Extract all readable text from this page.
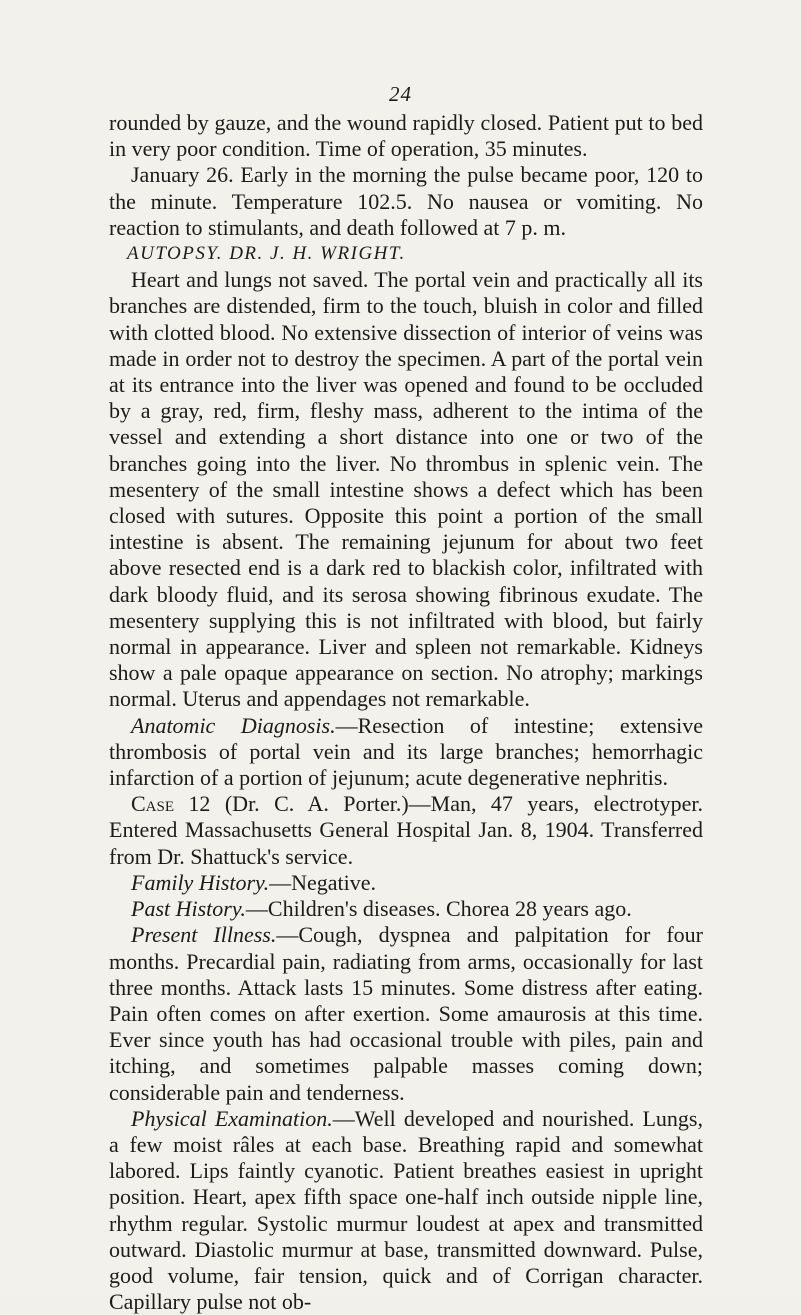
24

rounded by gauze, and the wound rapidly closed. Patient put to bed in very poor condition. Time of operation, 35 minutes.

January 26. Early in the morning the pulse became poor, 120 to the minute. Temperature 102.5. No nausea or vomiting. No reaction to stimulants, and death followed at 7 p. m.

AUTOPSY. DR. J. H. WRIGHT.

Heart and lungs not saved. The portal vein and practically all its branches are distended, firm to the touch, bluish in color and filled with clotted blood. No extensive dissection of interior of veins was made in order not to destroy the specimen. A part of the portal vein at its entrance into the liver was opened and found to be occluded by a gray, red, firm, fleshy mass, adherent to the intima of the vessel and extending a short distance into one or two of the branches going into the liver. No thrombus in splenic vein. The mesentery of the small intestine shows a defect which has been closed with sutures. Opposite this point a portion of the small intestine is absent. The remaining jejunum for about two feet above resected end is a dark red to blackish color, infiltrated with dark bloody fluid, and its serosa showing fibrinous exudate. The mesentery supplying this is not infiltrated with blood, but fairly normal in appearance. Liver and spleen not remarkable. Kidneys show a pale opaque appearance on section. No atrophy; markings normal. Uterus and appendages not remarkable.

Anatomic Diagnosis.—Resection of intestine; extensive thrombosis of portal vein and its large branches; hemorrhagic infarction of a portion of jejunum; acute degenerative nephritis.

Case 12 (Dr. C. A. Porter.)—Man, 47 years, electrotyper. Entered Massachusetts General Hospital Jan. 8, 1904. Transferred from Dr. Shattuck's service.

Family History.—Negative.

Past History.—Children's diseases. Chorea 28 years ago.

Present Illness.—Cough, dyspnea and palpitation for four months. Precardial pain, radiating from arms, occasionally for last three months. Attack lasts 15 minutes. Some distress after eating. Pain often comes on after exertion. Some amaurosis at this time. Ever since youth has had occasional trouble with piles, pain and itching, and sometimes palpable masses coming down; considerable pain and tenderness.

Physical Examination.—Well developed and nourished. Lungs, a few moist râles at each base. Breathing rapid and somewhat labored. Lips faintly cyanotic. Patient breathes easiest in upright position. Heart, apex fifth space one-half inch outside nipple line, rhythm regular. Systolic murmur loudest at apex and transmitted outward. Diastolic murmur at base, transmitted downward. Pulse, good volume, fair tension, quick and of Corrigan character. Capillary pulse not ob-
